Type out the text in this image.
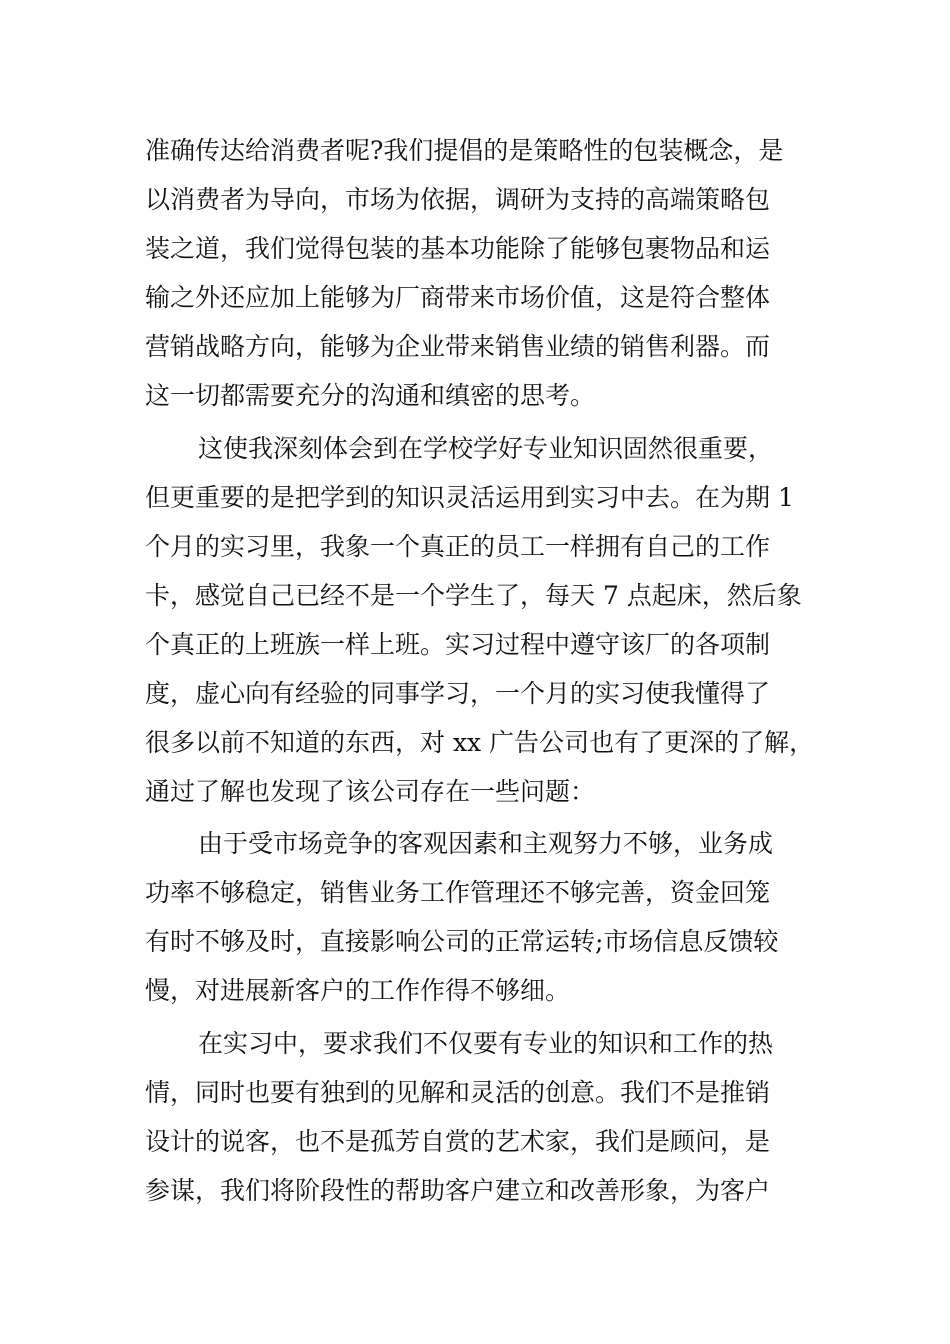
准确传达给消费者呢?我们提倡的是策略性的包装概念，是
以消费者为导向，市场为依据，调研为支持的高端策略包
装之道，我们觉得包装的基本功能除了能够包裹物品和运
输之外还应加上能够为厂商带来市场价值，这是符合整体
营销战略方向，能够为企业带来销售业绩的销售利器。而
这一切都需要充分的沟通和缜密的思考。
这使我深刻体会到在学校学好专业知识固然很重要，
但更重要的是把学到的知识灵活运用到实习中去。在为期 1
个月的实习里，我象一个真正的员工一样拥有自己的工作
卡，感觉自己已经不是一个学生了，每天 7 点起床，然后象
个真正的上班族一样上班。实习过程中遵守该厂的各项制
度，虚心向有经验的同事学习，一个月的实习使我懂得了
很多以前不知道的东西，对 xx 广告公司也有了更深的了解，
通过了解也发现了该公司存在一些问题：
由于受市场竞争的客观因素和主观努力不够，业务成
功率不够稳定，销售业务工作管理还不够完善，资金回笼
有时不够及时，直接影响公司的正常运转;市场信息反馈较
慢，对进展新客户的工作作得不够细。
在实习中，要求我们不仅要有专业的知识和工作的热
情，同时也要有独到的见解和灵活的创意。我们不是推销
设计的说客，也不是孤芳自赏的艺术家，我们是顾问，是
参谋，我们将阶段性的帮助客户建立和改善形象，为客户
